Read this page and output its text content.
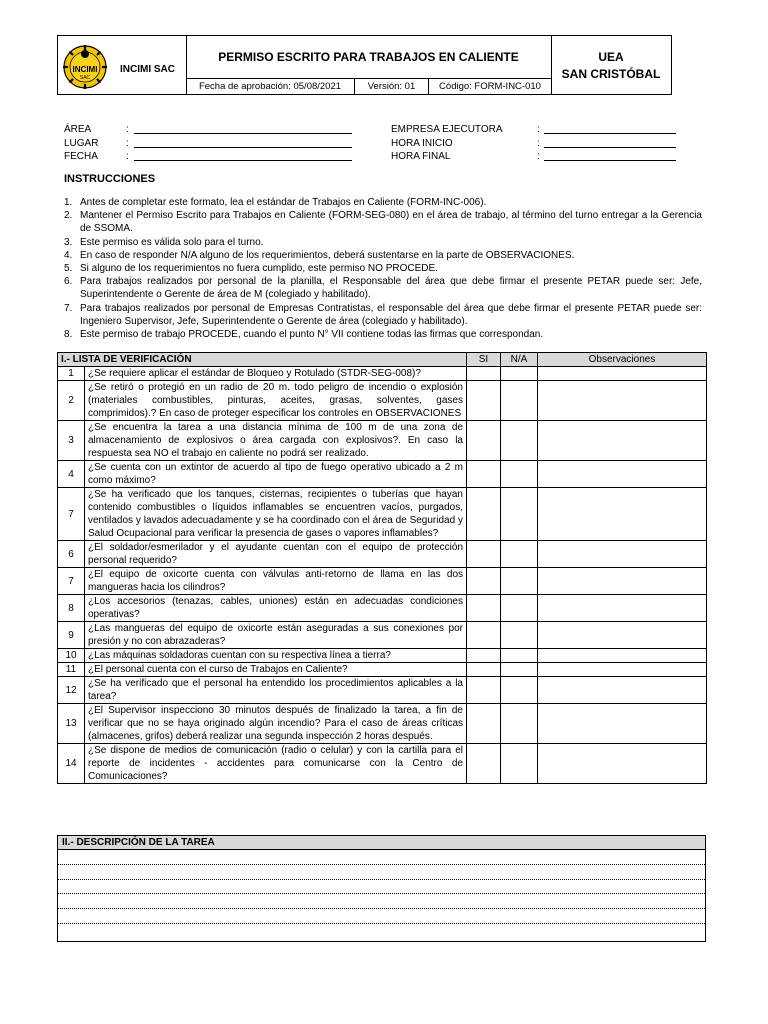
INCIMI
SAC
INCIMI SAC
PERMISO ESCRITO PARA TRABAJOS EN CALIENTE
Fecha de aprobación: 05/08/2021	Versión: 01	Código: FORM-INC-010
UEA
SAN CRISTÓBAL
ÁREA	:
LUGAR	:
FECHA	:
EMPRESA EJECUTORA	:
HORA INICIO	:
HORA FINAL	:
INSTRUCCIONES
1. Antes de completar este formato, lea el estándar de Trabajos en Caliente (FORM-INC-006).
2. Mantener el Permiso Escrito para Trabajos en Caliente (FORM-SEG-080) en el área de trabajo, al término del turno entregar a la Gerencia de SSOMA.
3. Este permiso es válida solo para el turno.
4. En caso de responder N/A alguno de los requerimientos, deberá sustentarse en la parte de OBSERVACIONES.
5. Si alguno de los requerimientos no fuera cumplido, este permiso NO PROCEDE.
6. Para trabajos realizados por personal de la planilla, el Responsable del área que debe firmar el presente PETAR puede ser: Jefe, Superintendente o Gerente de área de M (colegiado y habilitado).
7. Para trabajos realizados por personal de Empresas Contratistas, el responsable del área que debe firmar el presente PETAR puede ser: Ingeniero Supervisor, Jefe, Superintendente o Gerente de área (colegiado y habilitado).
8. Este permiso de trabajo PROCEDE, cuando el punto N° VII contiene todas las firmas que correspondan.
I.- LISTA DE VERIFICACIÓN		SI	N/A	Observaciones
1	¿Se requiere aplicar el estándar de Bloqueo y Rotulado (STDR-SEG-008)?			
2	¿Se retiró o protegió en un radio de 20 m. todo peligro de incendio o explosión (materiales combustibles, pinturas, aceites, grasas, solventes, gases comprimidos).? En caso de proteger especificar los controles en OBSERVACIONES			
3	¿Se encuentra la tarea a una distancia mínima de 100 m de una zona de almacenamiento de explosivos o área cargada con explosivos?. En caso la respuesta sea NO el trabajo en caliente no podrá ser realizado.			
4	¿Se cuenta con un extintor de acuerdo al tipo de fuego operativo ubicado a 2 m como máximo?			
7	¿Se ha verificado que los tanques, cisternas, recipientes o tuberías que hayan contenido combustibles o líquidos inflamables se encuentren vacíos, purgados, ventilados y lavados adecuadamente y se ha coordinado con el área de Seguridad y Salud Ocupacional para verificar la presencia de gases o vapores inflamables?			
6	¿El soldador/esmerilador y el ayudante cuentan con el equipo de protección personal requerido?			
7	¿El equipo de oxicorte cuenta con válvulas anti-retorno de llama en las dos mangueras hacia los cilindros?			
8	¿Los accesorios (tenazas, cables, uniones) están en adecuadas condiciones operativas?			
9	¿Las mangueras del equipo de oxicorte están aseguradas a sus conexiones por presión y no con abrazaderas?			
10	¿Las máquinas soldadoras cuentan con su respectiva línea a tierra?			
11	¿El personal cuenta con el curso de Trabajos en Caliente?			
12	¿Se ha verificado que el personal ha entendido los procedimientos aplicables a la tarea?			
13	¿El Supervisor inspecciono 30 minutos después de finalizado la tarea, a fin de verificar que no se haya originado algún incendio? Para el caso de áreas críticas (almacenes, grifos) deberá realizar una segunda inspección 2 horas después.			
14	¿Se dispone de medios de comunicación (radio o celular) y con la cartilla para el reporte de incidentes - accidentes para comunicarse con la Centro de Comunicaciones?			
II.- DESCRIPCIÓN DE LA TAREA
